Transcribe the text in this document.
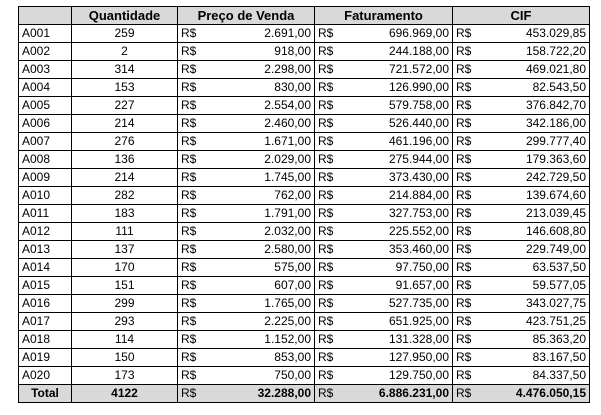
	Quantidade	Preço de Venda	Faturamento	CIF
A001	259	R$ 2.691,00	R$ 696.969,00	R$ 453.029,85

A002	2	R$ 918,00	R$ 244.188,00	R$ 158.722,20

A003	314	R$ 2.298,00	R$ 721.572,00	R$ 469.021,80

A004	153	R$ 830,00	R$ 126.990,00	R$ 82.543,50

A005	227	R$ 2.554,00	R$ 579.758,00	R$ 376.842,70

A006	214	R$ 2.460,00	R$ 526.440,00	R$ 342.186,00

A007	276	R$ 1.671,00	R$ 461.196,00	R$ 299.777,40

A008	136	R$ 2.029,00	R$ 275.944,00	R$ 179.363,60

A009	214	R$ 1.745,00	R$ 373.430,00	R$ 242.729,50

A010	282	R$ 762,00	R$ 214.884,00	R$ 139.674,60

A011	183	R$ 1.791,00	R$ 327.753,00	R$ 213.039,45

A012	111	R$ 2.032,00	R$ 225.552,00	R$ 146.608,80

A013	137	R$ 2.580,00	R$ 353.460,00	R$ 229.749,00

A014	170	R$ 575,00	R$ 97.750,00	R$ 63.537,50

A015	151	R$ 607,00	R$ 91.657,00	R$ 59.577,05

A016	299	R$ 1.765,00	R$ 527.735,00	R$ 343.027,75

A017	293	R$ 2.225,00	R$ 651.925,00	R$ 423.751,25

A018	114	R$ 1.152,00	R$ 131.328,00	R$ 85.363,20

A019	150	R$ 853,00	R$ 127.950,00	R$ 83.167,50

A020	173	R$ 750,00	R$ 129.750,00	R$ 84.337,50

Total	4122	R$ 32.288,00	R$ 6.886.231,00	R$ 4.476.050,15
